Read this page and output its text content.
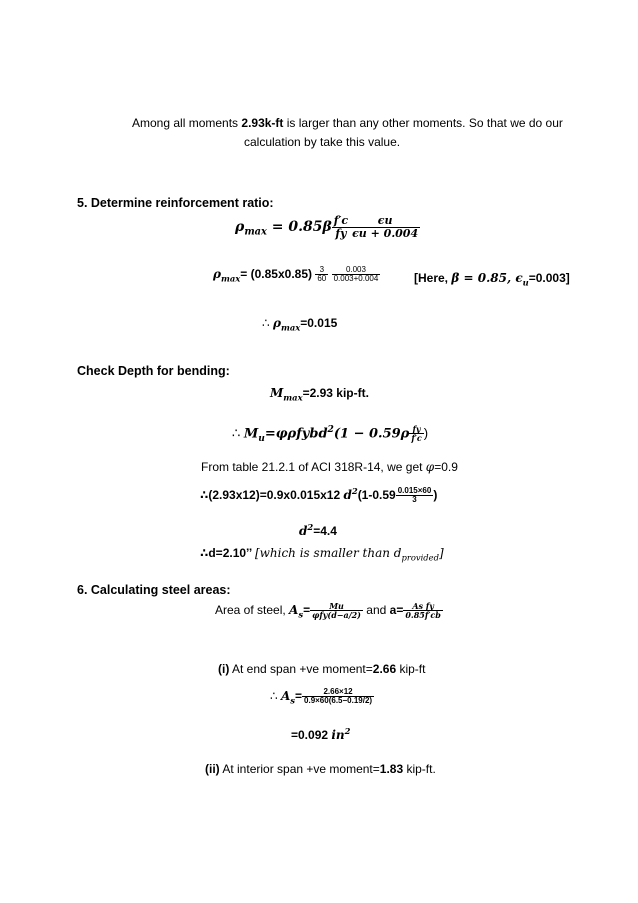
Among all moments 2.93k-ft is larger than any other moments. So that we do our
calculation by take this value.
5. Determine reinforcement ratio:
$\rho_{max} = 0.85\beta \frac{f'c}{fy} \frac{\epsilon u}{\epsilon u + 0.004}$
$\rho_{max}= (0.85x0.85) \frac{3}{60}$
$\frac{0.003}{0.003+0.004}$	[Here, β = 0.85, $\epsilon_u=0.003$]
∴ $\rho_{max}=0.015$
Check Depth for bending:
$M_{max}=2.93$ kip-ft.
∴ $M_u=\varphi\rho fybd^2(1 - 0.59\rho \frac{fy}{f'c}$ )
From table 21.2.1 of ACI 318R-14, we get φ=0.9
∴(2.93x12)=0.9x0.015x12 $d^2(1-0.59 \frac{0.015\times 60}{3}$ )
$d^2=4.4$
∴d=2.10’’ [which is smaller than $d_{provided}$]
6. Calculating steel areas:
Area of steel, $A_s= \frac{Mu}{\text{φfy(d−a/2)}}$ and $a= \frac{\text{As fy}}{0.85f'cb}$
(i) At end span +ve moment=2.66 kip-ft
∴ $A_s= \frac{2.66\times 12}{0.9\times 60(6.5-0.19/2)}$
=0.092 $in^2$
(ii) At interior span +ve moment=1.83 kip-ft.
